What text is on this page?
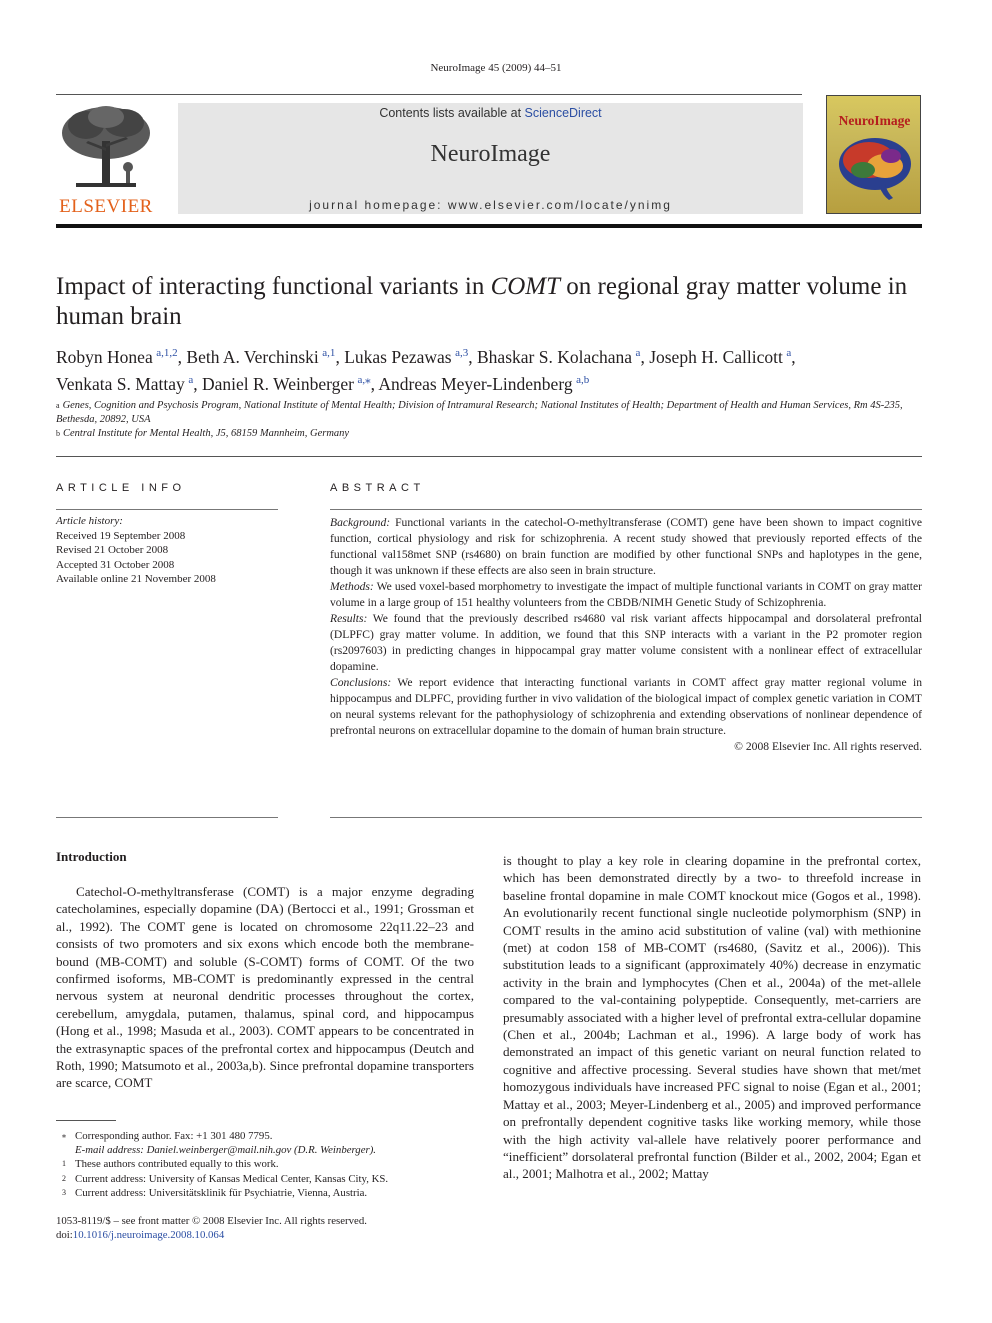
NeuroImage 45 (2009) 44–51
ELSEVIER
Contents lists available at ScienceDirect
NeuroImage
journal homepage: www.elsevier.com/locate/ynimg
NeuroImage
Impact of interacting functional variants in COMT on regional gray matter volume in human brain
Robyn Honea  $^{a,1,2}$, Beth A. Verchinski  $^{a,1}$, Lukas Pezawas  $^{a,3}$, Bhaskar S. Kolachana  $^a$, Joseph H. Callicott  $^a$,
Venkata S. Mattay  $^a$, Daniel R. Weinberger  $^{a,⁎}$, Andreas Meyer-Lindenberg  $^{a,b}$
$^a$ Genes, Cognition and Psychosis Program, National Institute of Mental Health; Division of Intramural Research; National Institutes of Health; Department of Health and Human Services, Rm 4S-235, Bethesda, 20892, USA
$^b$ Central Institute for Mental Health, J5, 68159 Mannheim, Germany
ARTICLE INFO
Article history:
Received 19 September 2008
Revised 21 October 2008
Accepted 31 October 2008
Available online 21 November 2008
ABSTRACT

Background: Functional variants in the catechol-O-methyltransferase (COMT) gene have been shown to impact cognitive function, cortical physiology and risk for schizophrenia. A recent study showed that previously reported effects of the functional val158met SNP (rs4680) on brain function are modified by other functional SNPs and haplotypes in the gene, though it was unknown if these effects are also seen in brain structure.

Methods: We used voxel-based morphometry to investigate the impact of multiple functional variants in COMT on gray matter volume in a large group of 151 healthy volunteers from the CBDB/NIMH Genetic Study of Schizophrenia.

Results: We found that the previously described rs4680 val risk variant affects hippocampal and dorsolateral prefrontal (DLPFC) gray matter volume. In addition, we found that this SNP interacts with a variant in the P2 promoter region (rs2097603) in predicting changes in hippocampal gray matter volume consistent with a nonlinear effect of extracellular dopamine.

Conclusions: We report evidence that interacting functional variants in COMT affect gray matter regional volume in hippocampus and DLPFC, providing further in vivo validation of the biological impact of complex genetic variation in COMT on neural systems relevant for the pathophysiology of schizophrenia and extending observations of nonlinear dependence of prefrontal neurons on extracellular dopamine to the domain of human brain structure.

© 2008 Elsevier Inc. All rights reserved.

Introduction
Catechol-O-methyltransferase (COMT) is a major enzyme degrading catecholamines, especially dopamine (DA) (Bertocci et al., 1991; Grossman et al., 1992). The COMT gene is located on chromosome 22q11.22–23 and consists of two promoters and six exons which encode both the membrane-bound (MB-COMT) and soluble (S-COMT) forms of COMT. Of the two confirmed isoforms, MB-COMT is predominantly expressed in the central nervous system at neuronal dendritic processes throughout the cortex, cerebellum, amygdala, putamen, thalamus, spinal cord, and hippocampus (Hong et al., 1998; Masuda et al., 2003). COMT appears to be concentrated in the extrasynaptic spaces of the prefrontal cortex and hippocampus (Deutch and Roth, 1990; Matsumoto et al., 2003a,b). Since prefrontal dopamine transporters are scarce, COMT
is thought to play a key role in clearing dopamine in the prefrontal cortex, which has been demonstrated directly by a two- to threefold increase in baseline frontal dopamine in male COMT knockout mice (Gogos et al., 1998). An evolutionarily recent functional single nucleotide polymorphism (SNP) in COMT results in the amino acid substitution of valine (val) with methionine (met) at codon 158 of MB-COMT (rs4680, (Savitz et al., 2006)). This substitution leads to a significant (approximately 40%) decrease in enzymatic activity in the brain and lymphocytes (Chen et al., 2004a) of the met-allele compared to the val-containing polypeptide. Consequently, met-carriers are presumably associated with a higher level of prefrontal extra-cellular dopamine (Chen et al., 2004b; Lachman et al., 1996). A large body of work has demonstrated an impact of this genetic variant on neural function related to cognitive and affective processing. Several studies have shown that met/met homozygous individuals have increased PFC signal to noise (Egan et al., 2001; Mattay et al., 2003; Meyer-Lindenberg et al., 2005) and improved performance on prefrontally dependent cognitive tasks like working memory, while those with the high activity val-allele have relatively poorer performance and “inefficient” dorsolateral prefrontal function (Bilder et al., 2002, 2004; Egan et al., 2001; Malhotra et al., 2002; Mattay
⁎ Corresponding author. Fax: +1 301 480 7795.
E-mail address: Daniel.weinberger@mail.nih.gov (D.R. Weinberger).
1 These authors contributed equally to this work.
2 Current address: University of Kansas Medical Center, Kansas City, KS.
3 Current address: Universitätsklinik für Psychiatrie, Vienna, Austria.
1053-8119/$ – see front matter © 2008 Elsevier Inc. All rights reserved.
doi:10.1016/j.neuroimage.2008.10.064
